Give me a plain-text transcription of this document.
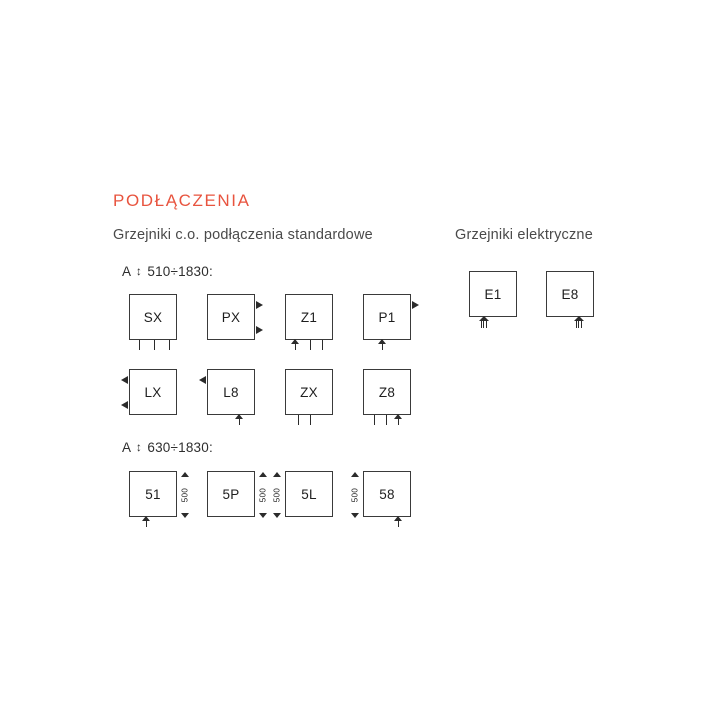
PODŁĄCZENIA
Grzejniki c.o. podłączenia standardowe	Grzejniki elektryczne
A ↕ 510÷1830:
A ↕ 630÷1830:
SX	PX	Z1	P1
LX	L8	ZX	Z8
51	500	5P	500	5L
500	58
500
E1	E8
